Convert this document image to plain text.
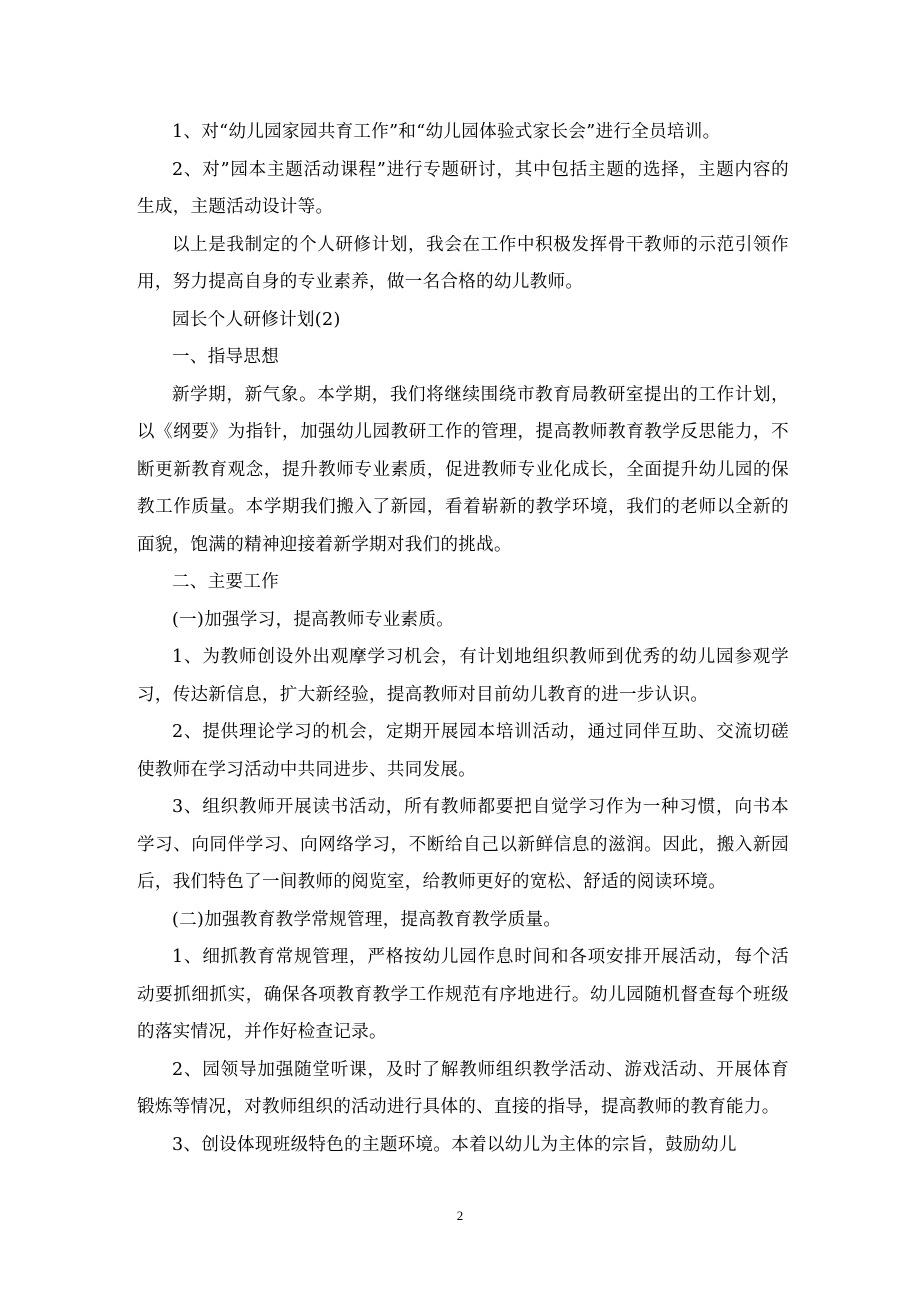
1、对“幼儿园家园共育工作”和“幼儿园体验式家长会”进行全员培训。

2、对”园本主题活动课程”进行专题研讨，其中包括主题的选择，主题内容的生成，主题活动设计等。

以上是我制定的个人研修计划，我会在工作中积极发挥骨干教师的示范引领作用，努力提高自身的专业素养，做一名合格的幼儿教师。

园长个人研修计划(2)

一、指导思想

新学期，新气象。本学期，我们将继续围绕市教育局教研室提出的工作计划，以《纲要》为指针，加强幼儿园教研工作的管理，提高教师教育教学反思能力，不断更新教育观念，提升教师专业素质，促进教师专业化成长，全面提升幼儿园的保教工作质量。本学期我们搬入了新园，看着崭新的教学环境，我们的老师以全新的面貌，饱满的精神迎接着新学期对我们的挑战。

二、主要工作

(一)加强学习，提高教师专业素质。

1、为教师创设外出观摩学习机会，有计划地组织教师到优秀的幼儿园参观学习，传达新信息，扩大新经验，提高教师对目前幼儿教育的进一步认识。

2、提供理论学习的机会，定期开展园本培训活动，通过同伴互助、交流切磋使教师在学习活动中共同进步、共同发展。

3、组织教师开展读书活动，所有教师都要把自觉学习作为一种习惯，向书本学习、向同伴学习、向网络学习，不断给自己以新鲜信息的滋润。因此，搬入新园后，我们特色了一间教师的阅览室，给教师更好的宽松、舒适的阅读环境。

(二)加强教育教学常规管理，提高教育教学质量。

1、细抓教育常规管理，严格按幼儿园作息时间和各项安排开展活动，每个活动要抓细抓实，确保各项教育教学工作规范有序地进行。幼儿园随机督查每个班级的落实情况，并作好检查记录。

2、园领导加强随堂听课，及时了解教师组织教学活动、游戏活动、开展体育锻炼等情况，对教师组织的活动进行具体的、直接的指导，提高教师的教育能力。

3、创设体现班级特色的主题环境。本着以幼儿为主体的宗旨，鼓励幼儿

2
